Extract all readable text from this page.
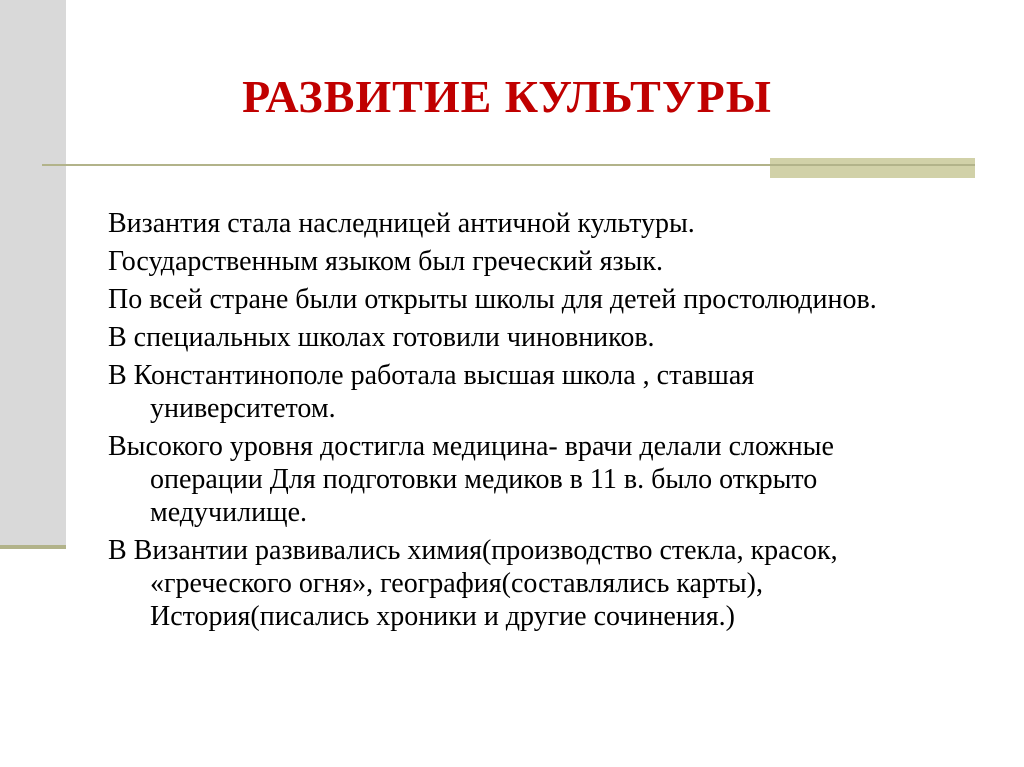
РАЗВИТИЕ КУЛЬТУРЫ
Византия стала наследницей античной культуры.
Государственным языком был греческий язык.
По всей стране были открыты школы для детей простолюдинов.
В специальных школах готовили чиновников.
В Константинополе работала высшая школа , ставшая университетом.
Высокого уровня достигла медицина- врачи делали сложные операции Для подготовки медиков в 11 в. было открыто медучилище.
В Византии развивались химия(производство стекла, красок, «греческого огня», география(составлялись карты), История(писались хроники и другие сочинения.)
